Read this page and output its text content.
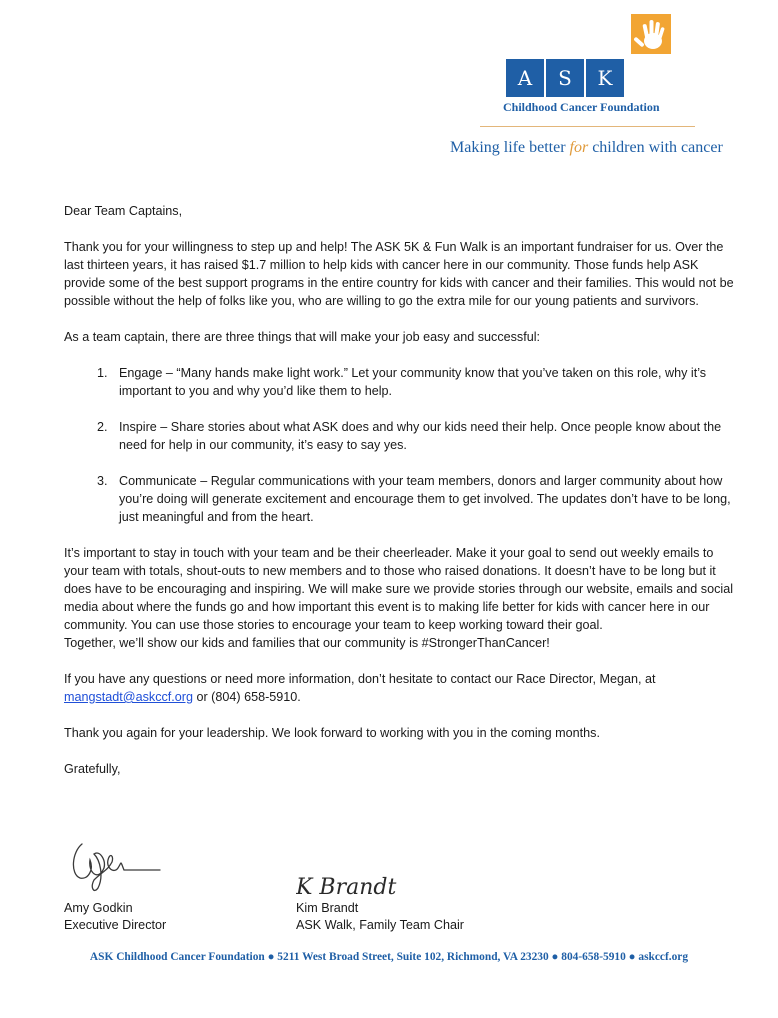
A	S	K
Childhood Cancer Foundation
Making life better for children with cancer

Dear Team Captains,

Thank you for your willingness to step up and help! The ASK 5K & Fun Walk is an important fundraiser for us. Over the last thirteen years, it has raised $1.7 million to help kids with cancer here in our community. Those funds help ASK provide some of the best support programs in the entire country for kids with cancer and their families. This would not be possible without the help of folks like you, who are willing to go the extra mile for our young patients and survivors.

As a team captain, there are three things that will make your job easy and successful:

1. Engage – “Many hands make light work.” Let your community know that you’ve taken on this role, why it’s important to you and why you’d like them to help.
2. Inspire – Share stories about what ASK does and why our kids need their help. Once people know about the need for help in our community, it’s easy to say yes.
3. Communicate – Regular communications with your team members, donors and larger community about how you’re doing will generate excitement and encourage them to get involved. The updates don’t have to be long, just meaningful and from the heart.

It’s important to stay in touch with your team and be their cheerleader. Make it your goal to send out weekly emails to your team with totals, shout-outs to new members and to those who raised donations. It doesn’t have to be long but it does have to be encouraging and inspiring. We will make sure we provide stories through our website, emails and social media about where the funds go and how important this event is to making life better for kids with cancer here in our community. You can use those stories to encourage your team to keep working toward their goal.
Together, we’ll show our kids and families that our community is #StrongerThanCancer!

If you have any questions or need more information, don’t hesitate to contact our Race Director, Megan, at mangstadt@askccf.org or (804) 658-5910.

Thank you again for your leadership. We look forward to working with you in the coming months.

Gratefully,

Amy Godkin
Executive Director
K Brandt
Kim Brandt
ASK Walk, Family Team Chair
ASK Childhood Cancer Foundation ● 5211 West Broad Street, Suite 102, Richmond, VA 23230 ● 804-658-5910 ● askccf.org
